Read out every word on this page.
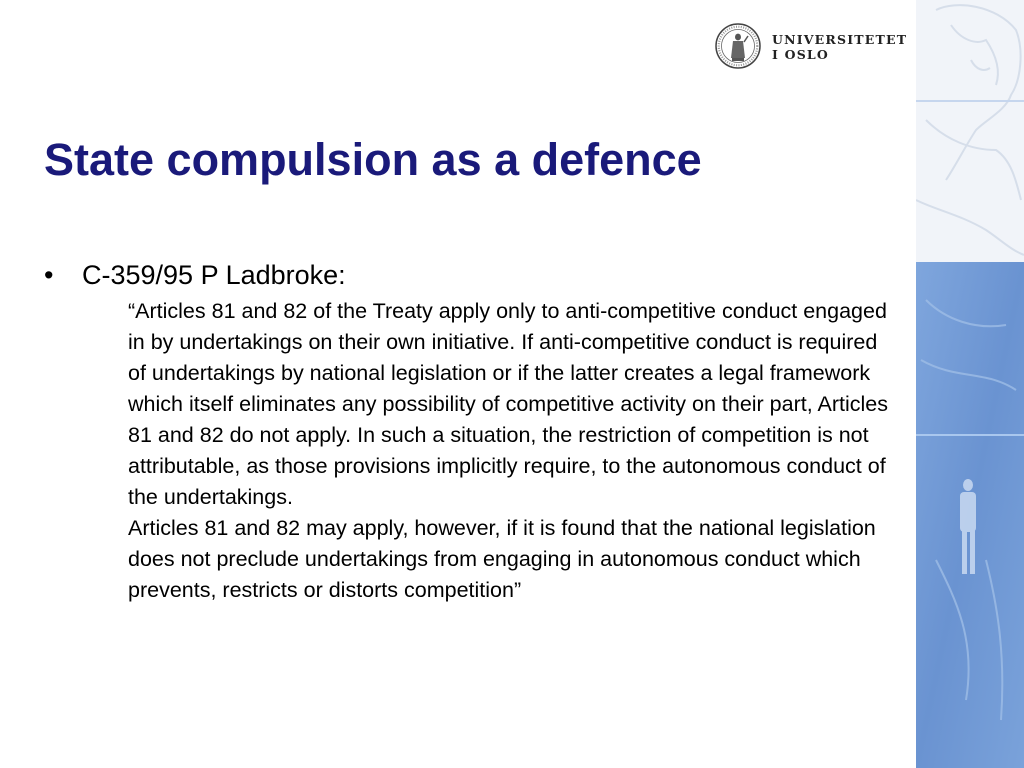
UNIVERSITETET
I OSLO
State compulsion as a defence
• C-359/95 P Ladbroke:

“Articles 81 and 82 of the Treaty apply only to anti-competitive conduct engaged in by undertakings on their own initiative. If anti-competitive conduct is required of undertakings by national legislation or if the latter creates a legal framework which itself eliminates any possibility of competitive activity on their part, Articles 81 and 82 do not apply. In such a situation, the restriction of competition is not attributable, as those provisions implicitly require, to the autonomous conduct of the undertakings.

Articles 81 and 82 may apply, however, if it is found that the national legislation does not preclude undertakings from engaging in autonomous conduct which prevents, restricts or distorts competition”
